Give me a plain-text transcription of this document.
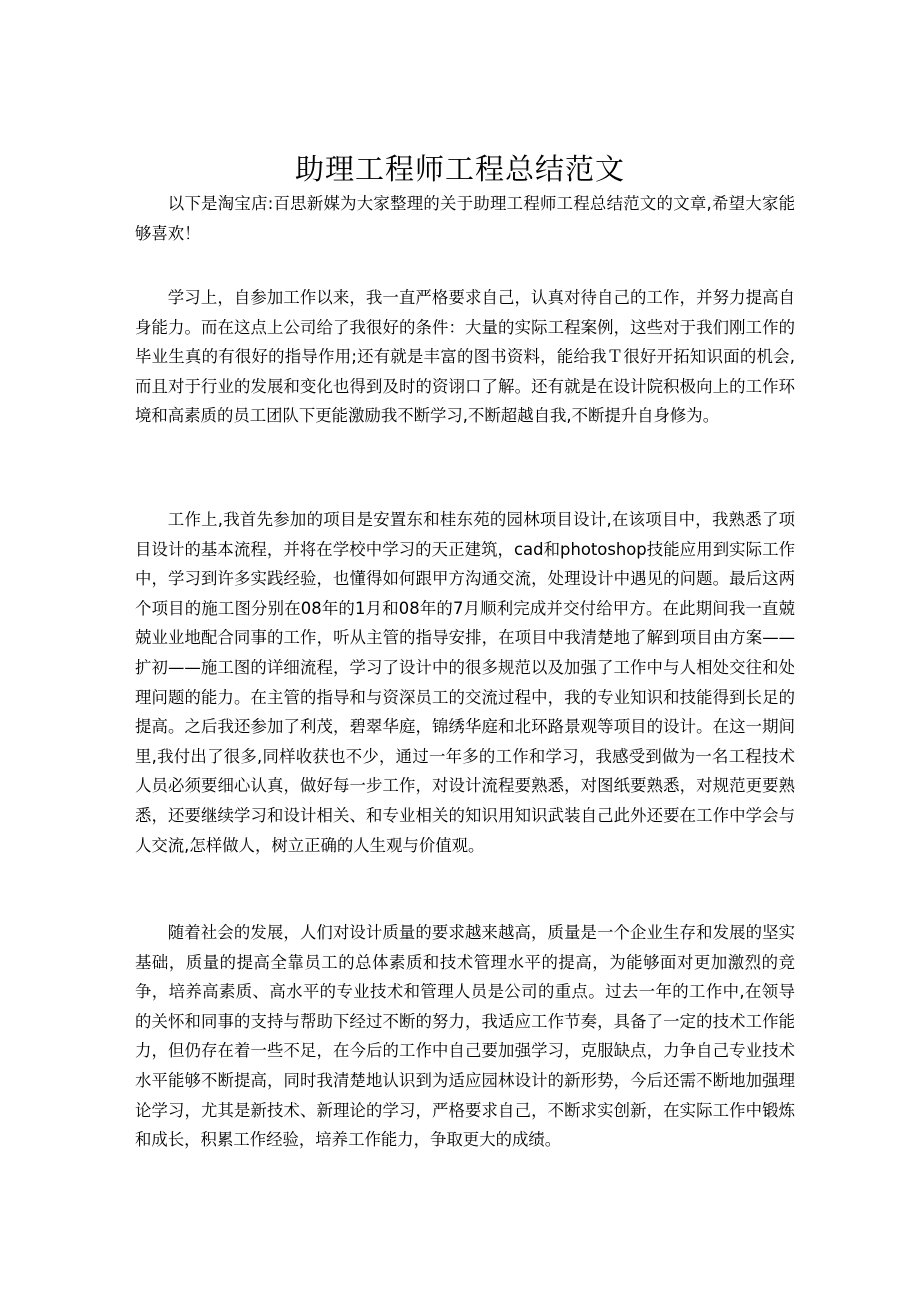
助理工程师工程总结范文

以下是淘宝店:百思新媒为大家整理的关于助理工程师工程总结范文的文章,希望大家能够喜欢！

学习上，自参加工作以来，我一直严格要求自己，认真对待自己的工作，并努力提高自身能力。而在这点上公司给了我很好的条件：大量的实际工程案例，这些对于我们刚工作的毕业生真的有很好的指导作用;还有就是丰富的图书资料，能给我Ｔ很好开拓知识面的机会,而且对于行业的发展和变化也得到及时的资诩口了解。还有就是在设计院积极向上的工作环境和高素质的员工团队下更能激励我不断学习,不断超越自我,不断提升自身修为。

工作上,我首先参加的项目是安置东和桂东苑的园林项目设计,在该项目中，我熟悉了项目设计的基本流程，并将在学校中学习的天正建筑，cad和photoshop技能应用到实际工作中，学习到许多实践经验，也懂得如何跟甲方沟通交流，处理设计中遇见的问题。最后这两个项目的施工图分别在08年的1月和08年的7月顺利完成并交付给甲方。在此期间我一直兢兢业业地配合同事的工作，听从主管的指导安排，在项目中我清楚地了解到项目由方案——扩初——施工图的详细流程，学习了设计中的很多规范以及加强了工作中与人相处交往和处理问题的能力。在主管的指导和与资深员工的交流过程中，我的专业知识和技能得到长足的提高。之后我还参加了利茂，碧翠华庭，锦绣华庭和北环路景观等项目的设计。在这一期间里,我付出了很多,同样收获也不少，通过一年多的工作和学习，我感受到做为一名工程技术人员必须要细心认真，做好每一步工作，对设计流程要熟悉，对图纸要熟悉，对规范更要熟悉，还要继续学习和设计相关、和专业相关的知识用知识武装自己此外还要在工作中学会与人交流,怎样做人，树立正确的人生观与价值观。

随着社会的发展，人们对设计质量的要求越来越高，质量是一个企业生存和发展的坚实基础，质量的提高全靠员工的总体素质和技术管理水平的提高，为能够面对更加激烈的竞争，培养高素质、高水平的专业技术和管理人员是公司的重点。过去一年的工作中,在领导的关怀和同事的支持与帮助下经过不断的努力，我适应工作节奏，具备了一定的技术工作能力，但仍存在着一些不足，在今后的工作中自己要加强学习，克服缺点，力争自己专业技术水平能够不断提高，同时我清楚地认识到为适应园林设计的新形势，今后还需不断地加强理论学习，尤其是新技术、新理论的学习，严格要求自己，不断求实创新，在实际工作中锻炼和成长，积累工作经验，培养工作能力，争取更大的成绩。
